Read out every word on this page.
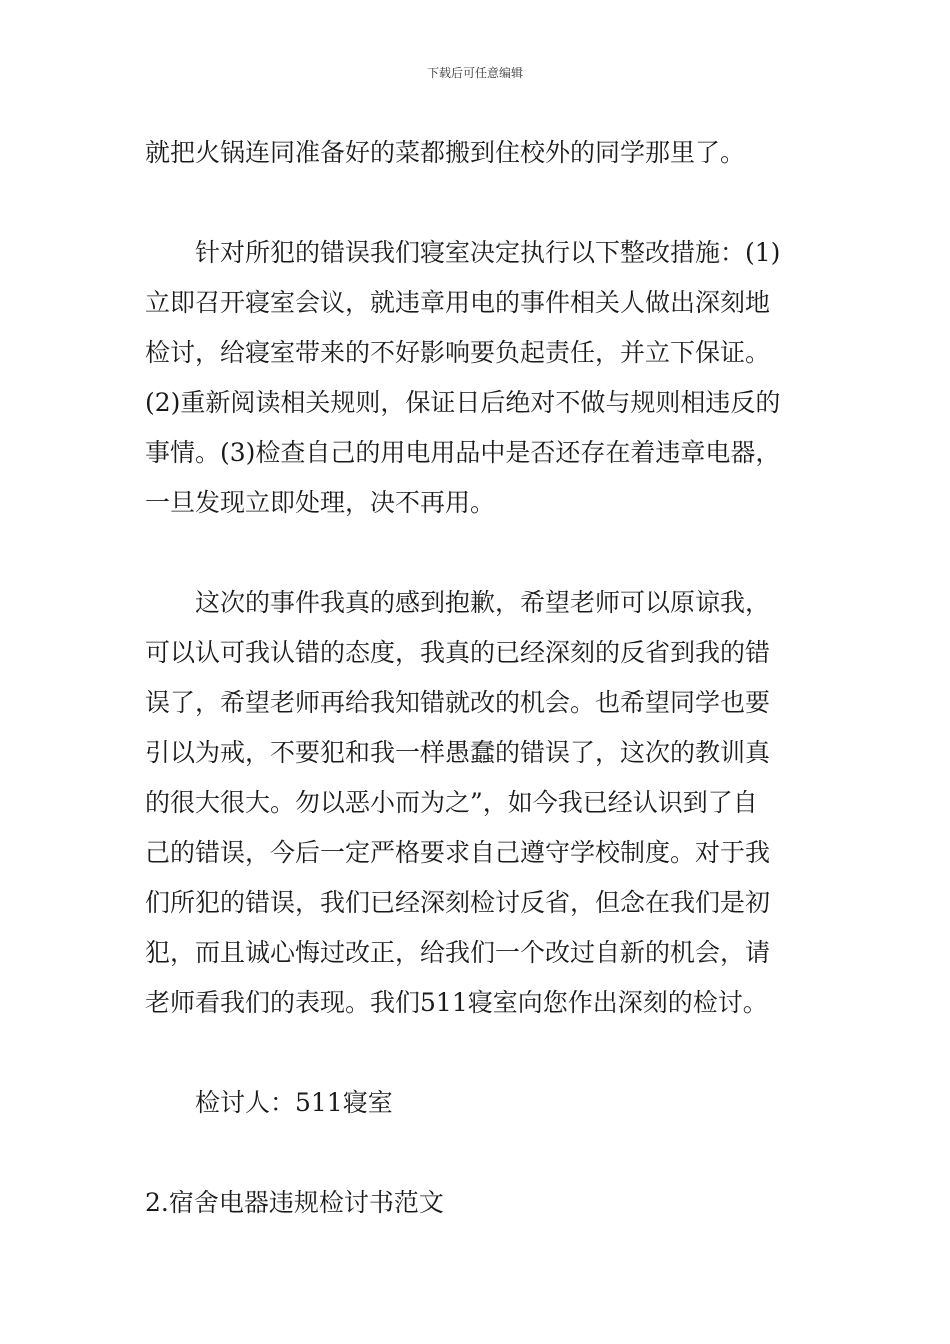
下载后可任意编辑

就把火锅连同准备好的菜都搬到住校外的同学那里了。

针对所犯的错误我们寝室决定执行以下整改措施：(1)
立即召开寝室会议，就违章用电的事件相关人做出深刻地
检讨，给寝室带来的不好影响要负起责任，并立下保证。
(2)重新阅读相关规则，保证日后绝对不做与规则相违反的
事情。(3)检查自己的用电用品中是否还存在着违章电器，
一旦发现立即处理，决不再用。

这次的事件我真的感到抱歉，希望老师可以原谅我，
可以认可我认错的态度，我真的已经深刻的反省到我的错
误了，希望老师再给我知错就改的机会。也希望同学也要
引以为戒，不要犯和我一样愚蠢的错误了，这次的教训真
的很大很大。勿以恶小而为之”，如今我已经认识到了自
己的错误，今后一定严格要求自己遵守学校制度。对于我
们所犯的错误，我们已经深刻检讨反省，但念在我们是初
犯，而且诚心悔过改正，给我们一个改过自新的机会，请
老师看我们的表现。我们511寝室向您作出深刻的检讨。

检讨人：511寝室

2.宿舍电器违规检讨书范文
